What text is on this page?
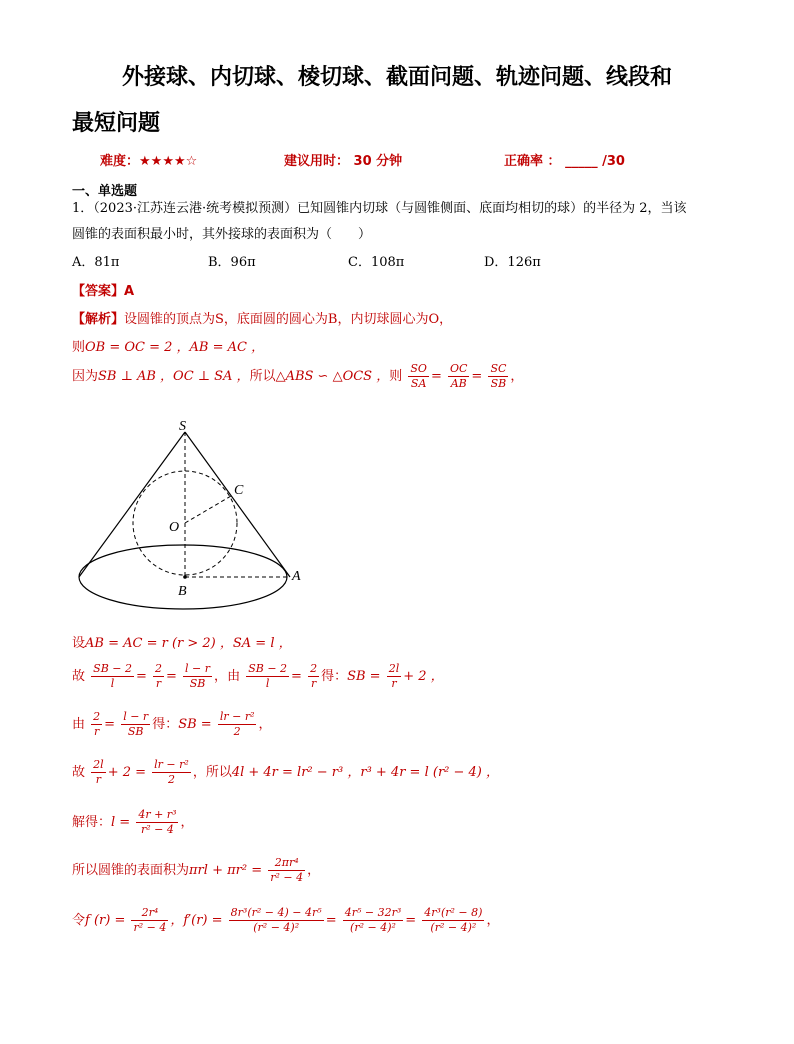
外接球、内切球、棱切球、截面问题、轨迹问题、线段和
最短问题
难度：★★★★☆	建议用时： 30 分钟	正确率 ： _____ /30
一、单选题
1．（2023·江苏连云港·统考模拟预测）已知圆锥内切球（与圆锥侧面、底面均相切的球）的半径为 2，当该
圆锥的表面积最小时，其外接球的表面积为（　　）
A．81π	B．96π	C．108π	D．126π
【答案】A
【解析】设圆锥的顶点为S，底面圆的圆心为B，内切球圆心为O，
则OB = OC = 2 ，AB = AC ，
因为SB ⊥ AB ，OC ⊥ SA ，所以△ABS ∽ △OCS ，则 $\frac{SO}{SA} = \frac{OC}{AB} = \frac{SC}{SB}$ ，
S
C
O
B
A
设AB = AC = r (r > 2) ，SA = l ，
故 $\frac{SB - 2}{l} = \frac{2}{r} = \frac{l - r}{SB}$ ，由 $\frac{SB - 2}{l} = \frac{2}{r}$ 得：SB = $\frac{2l}{r} + 2$ ，
由 $\frac{2}{r} = \frac{l - r}{SB}$ 得：SB = $\frac{\text{lr − r²}}{2}$ ，
故 $\frac{2l}{r} + 2 = \frac{\text{lr − r²}}{2}$ ，所以4l + 4r = lr² − r³ ，r³ + 4r = l (r² − 4) ，
解得：$l = \frac{\text{4r + r³}}{\text{r² − 4}}$ ，
所以圆锥的表面积为$\pi rl + \pi r^2 = \frac{\text{2πr⁴}}{\text{r² − 4}}$ ，
令f $(r) = \frac{\text{2r⁴}}{\text{r² − 4}}$ ，$f'(r) = \frac{\text{8r³(r² − 4) − 4r⁵}}{\text{(r² − 4)²}} = \frac{\text{4r⁵ − 32r³}}{\text{(r² − 4)²}} = \frac{\text{4r³(r² − 8)}}{\text{(r² − 4)²}}$ ，
